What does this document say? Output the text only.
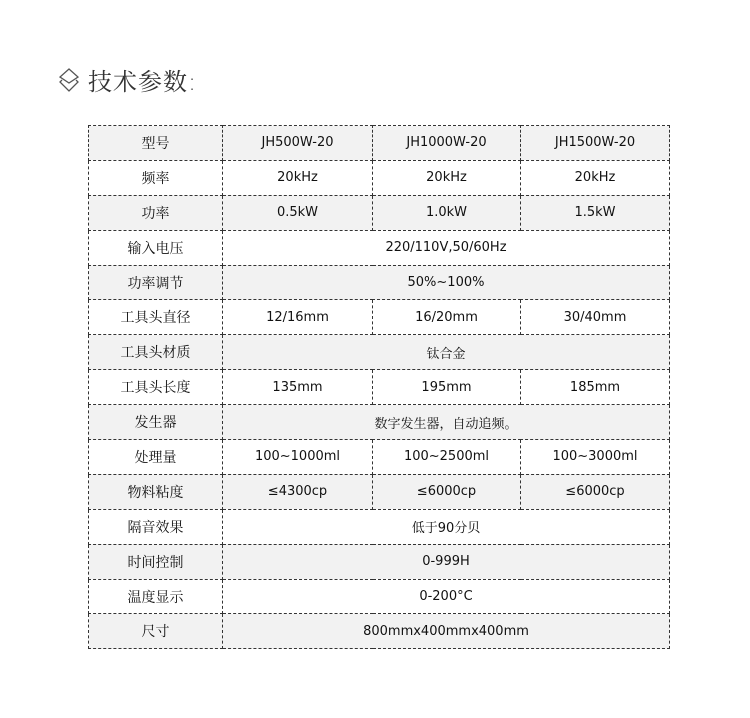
技术参数:
型号	JH500W-20	JH1000W-20	JH1500W-20
频率	20kHz	20kHz	20kHz
功率	0.5kW	1.0kW	1.5kW
输入电压	220/110V,50/60Hz		
功率调节	50%~100%		
工具头直径	12/16mm	16/20mm	30/40mm
工具头材质	钛合金		
工具头长度	135mm	195mm	185mm
发生器	数字发生器，自动追频。		
处理量	100~1000ml	100~2500ml	100~3000ml
物料粘度	≤4300cp	≤6000cp	≤6000cp
隔音效果	低于90分贝		
时间控制	0-999H		
温度显示	0-200°C		
尺寸	800mmx400mmx400mm		
